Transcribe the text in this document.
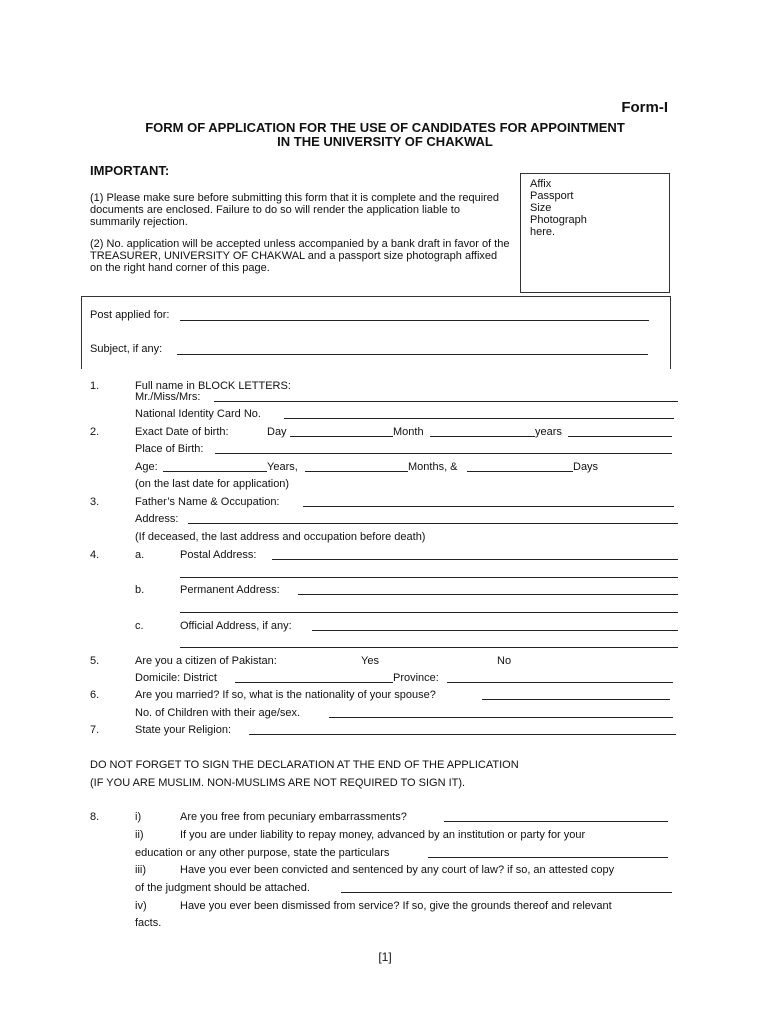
Form-I
FORM OF APPLICATION FOR THE USE OF CANDIDATES FOR APPOINTMENT
IN THE UNIVERSITY OF CHAKWAL
IMPORTANT:
(1) Please make sure before submitting this form that it is complete and the required documents are enclosed. Failure to do so will render the application liable to summarily rejection.
(2) No. application will be accepted unless accompanied by a bank draft in favor of the TREASURER, UNIVERSITY OF CHAKWAL and a passport size photograph affixed on the right hand corner of this page.
Affix
Passport
Size
Photograph
here.
Post applied for:
Subject, if any:
1.	Full name in BLOCK LETTERS:
Mr./Miss/Mrs:
National Identity Card No.
2.	Exact Date of birth:	Day	Month	years
Place of Birth:
Age:	Years,	Months, &	Days
(on the last date for application)
3.	Father’s Name & Occupation:
Address:
(If deceased, the last address and occupation before death)
4.	a.	Postal Address:
b.	Permanent Address:
c.	Official Address, if any:
5.	Are you a citizen of Pakistan:	Yes	No
Domicile: District	Province:
6.	Are you married? If so, what is the nationality of your spouse?
No. of Children with their age/sex.
7.	State your Religion:
DO NOT FORGET TO SIGN THE DECLARATION AT THE END OF THE APPLICATION
(IF YOU ARE MUSLIM. NON-MUSLIMS ARE NOT REQUIRED TO SIGN IT).
8.	i)	Are you free from pecuniary embarrassments?
ii)	If you are under liability to repay money, advanced by an institution or party for your
education or any other purpose, state the particulars
iii)	Have you ever been convicted and sentenced by any court of law? if so, an attested copy
of the judgment should be attached.
iv)	Have you ever been dismissed from service? If so, give the grounds thereof and relevant
facts.
[1]
